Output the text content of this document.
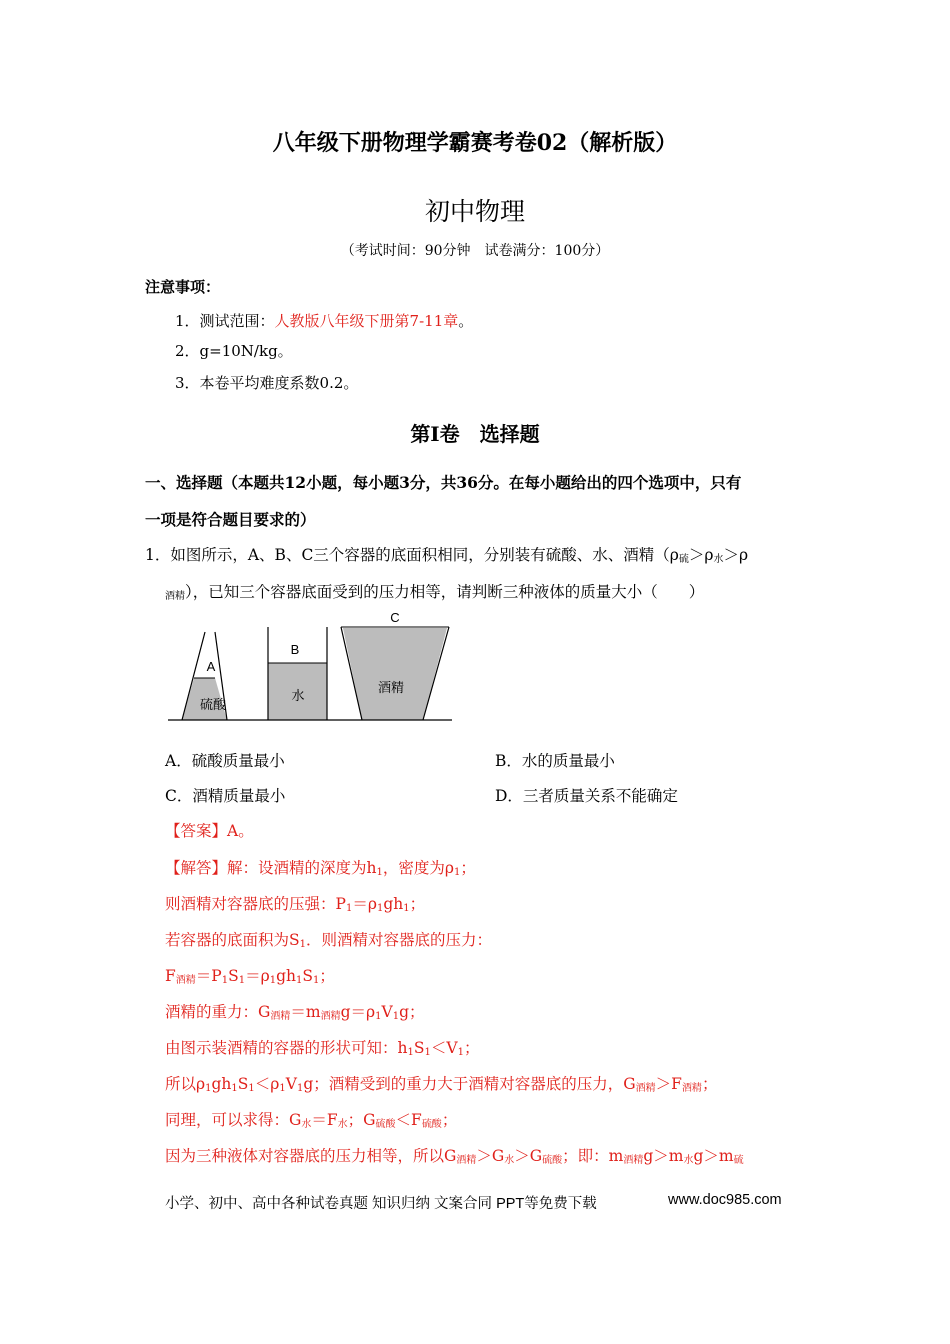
八年级下册物理学霸赛考卷02（解析版）
初中物理
（考试时间：90分钟　试卷满分：100分）
注意事项：
1．测试范围：人教版八年级下册第7-11章。
2．g=10N/kg。
3．本卷平均难度系数0.2。
第Ⅰ卷　选择题
一、选择题（本题共12小题，每小题3分，共36分。在每小题给出的四个选项中，只有
一项是符合题目要求的）
1．如图所示，A、B、C三个容器的底面积相同，分别装有硫酸、水、酒精（$\rho_硫>\rho_水>\rho$
$_{酒精}$），已知三个容器底面受到的压力相等，请判断三种液体的质量大小（　　）
A
硫酸
B
水
C
酒精
A．硫酸质量最小	B．水的质量最小
C．酒精质量最小	D．三者质量关系不能确定
【答案】A。
【解答】解：设酒精的深度为$h_1$，密度为$\rho_1$；
则酒精对容器底的压强：$P_1=\rho_1gh_1$；
若容器的底面积为$S_1$．则酒精对容器底的压力：
$F_{酒精}=P_1S_1=\rho_1gh_1S_1$；
酒精的重力：$G_{酒精}=m_{酒精}g=\rho_1V_1g$；
由图示装酒精的容器的形状可知：$h_1S_1<V_1$；
所以$\rho_1gh_1S_1<\rho_1V_1g$；酒精受到的重力大于酒精对容器底的压力，$G_{酒精}>F_{酒精}$；
同理，可以求得：$G_水=F_水$；$G_{硫酸}<F_{硫酸}$；
因为三种液体对容器底的压力相等，所以$G_{酒精}>G_水>G_{硫酸}$；即：$m_{酒精}g>m_水g>m_硫$
小学、初中、高中各种试卷真题 知识归纳 文案合同 PPT等免费下载	www.doc985.com
